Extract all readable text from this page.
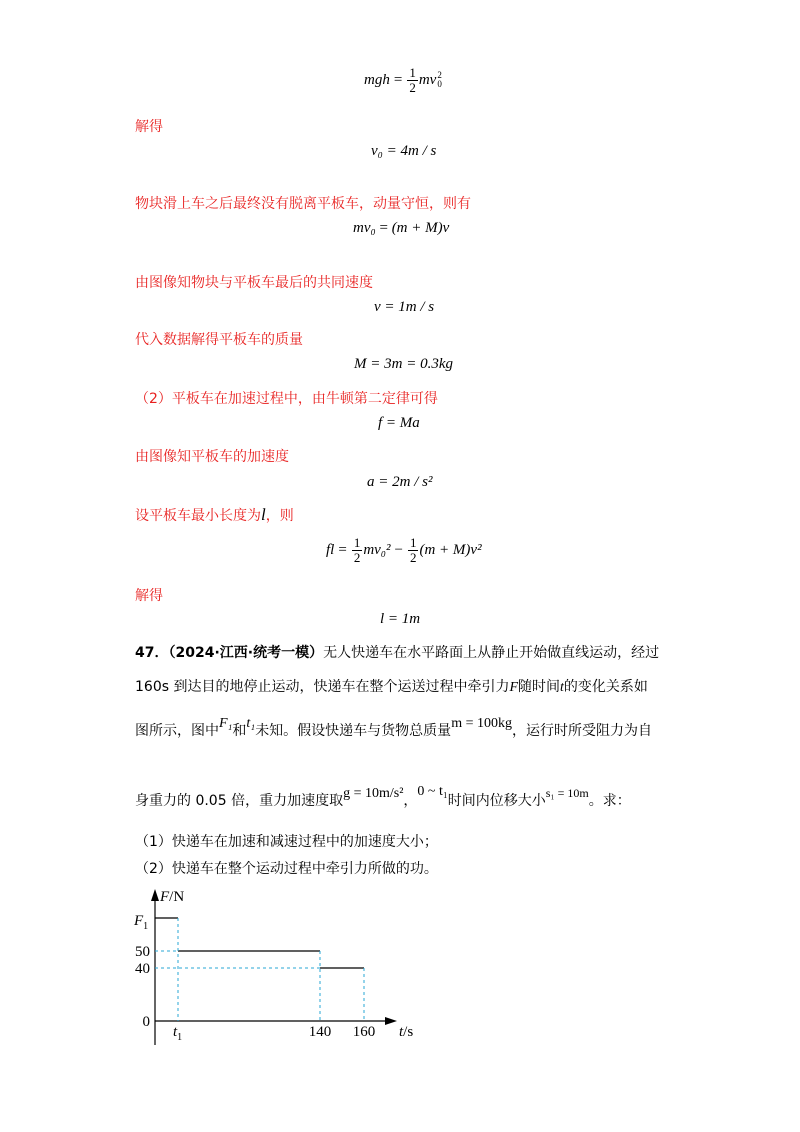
mgh = $\frac{1}{2}$ mv 2
0
解得
v₀ = 4m / s
物块滑上车之后最终没有脱离平板车，动量守恒，则有
mv₀ = (m + M)v
由图像知物块与平板车最后的共同速度
v = 1m / s
代入数据解得平板车的质量
M = 3m = 0.3kg
（2）平板车在加速过程中，由牛顿第二定律可得
f = Ma
由图像知平板车的加速度
a = 2m / s²
设平板车最小长度为l，则
fl = $\frac{1}{2} mv_0^2 - \frac{1}{2} (m + M)v^2$
解得
l = 1m
47．（2024·江西·统考一模）无人快递车在水平路面上从静止开始做直线运动，经过
160s 到达目的地停止运动，快递车在整个运送过程中牵引力F随时间t的变化关系如
图所示，图中F₁和t₁未知。假设快递车与货物总质量m = 100kg，运行时所受阻力为自
身重力的 0.05 倍，重力加速度取g = 10m/s²，0 ~ t₁时间内位移大小s₁ = 10m。求：
（1）快递车在加速和减速过程中的加速度大小；
（2）快递车在整个运动过程中牵引力所做的功。
F/N
t/s
0
40
50
$F_1$
$t_1$	140 160
